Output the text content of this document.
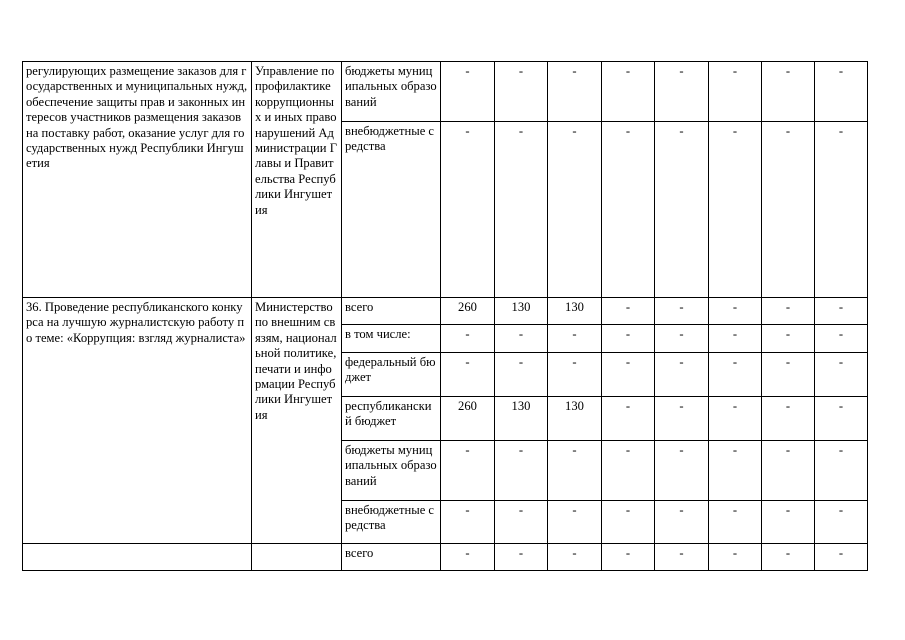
регулирующих размещение заказов для государственных и муниципальных нужд, обеспечение защиты прав и законных интересов участников размещения заказов на поставку работ, оказание услуг для государственных нужд Республики Ингушетия	Управление по профилактике коррупционных и иных правонарушений Администрации Главы и Правительства Республики Ингушетия	бюджеты муниципальных образований	-	-	-	-	-	-	-	-
		внебюджетные средства	-	-	-	-	-	-	-	-
36. Проведение республиканского конкурса на лучшую журналистскую работу по теме: «Коррупция: взгляд журналиста»	Министерство по внешним связям, национальной политике, печати и информации Республики Ингушетия	всего	260	130	130	-	-	-	-	-
		в том числе:	-	-	-	-	-	-	-	-
		федеральный бюджет	-	-	-	-	-	-	-	-
		республиканский бюджет	260	130	130	-	-	-	-	-
		бюджеты муниципальных образований	-	-	-	-	-	-	-	-
		внебюджетные средства	-	-	-	-	-	-	-	-
		всего	-	-	-	-	-	-	-	-
